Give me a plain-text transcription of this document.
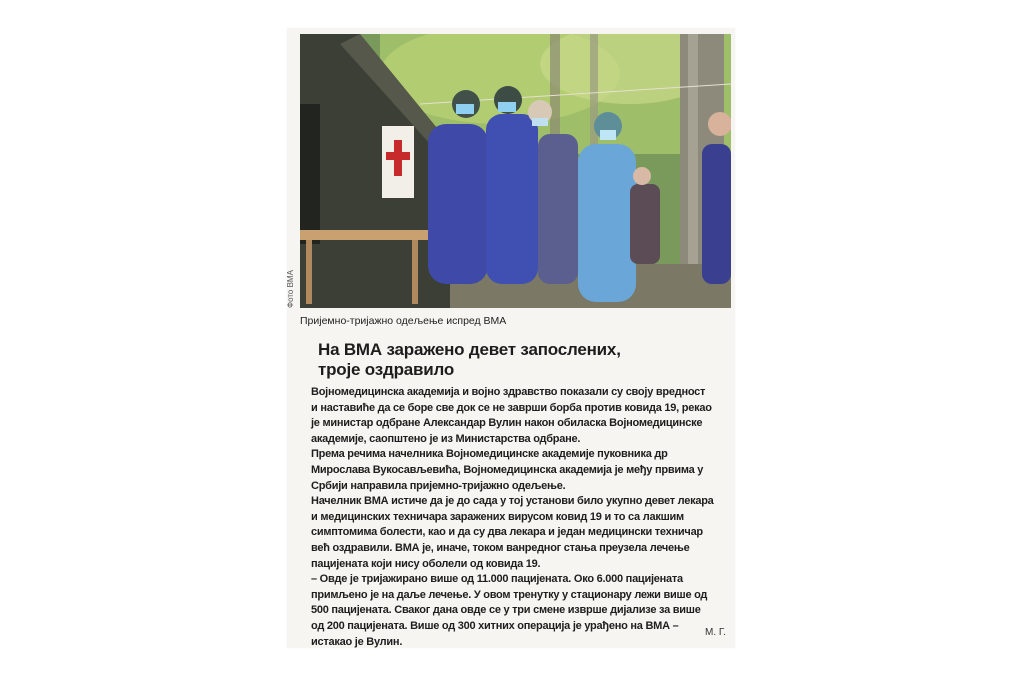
Фото ВМА
Пријемно-тријажно одељење испред ВМА
На ВМА заражено девет запослених,
троје оздравило
Војномедицинска академија и војно здравство показали су своју вредност
и наставиће да се боре све док се не заврши борба против ковида 19, рекао
је министар одбране Александар Вулин након обиласка Војномедицинске
академије, саопштено је из Министарства одбране.
Према речима начелника Војномедицинске академије пуковника др
Мирослава Вукосављевића, Војномедицинска академија је међу првима у
Србији направила пријемно-тријажно одељење.
Начелник ВМА истиче да је до сада у тој установи било укупно девет лекара
и медицинских техничара заражених вирусом ковид 19 и то са лакшим
симптомима болести, као и да су два лекара и један медицински техничар
већ оздравили. ВМА је, иначе, током ванредног стања преузела лечење
пацијената који нису оболели од ковида 19.
– Овде је тријажирано више од 11.000 пацијената. Око 6.000 пацијената
примљено је на даље лечење. У овом тренутку у стационару лежи више од
500 пацијената. Сваког дана овде се у три смене изврше дијализе за више
од 200 пацијената. Више од 300 хитних операција је урађено на ВМА –
истакао је Вулин.
М. Г.
